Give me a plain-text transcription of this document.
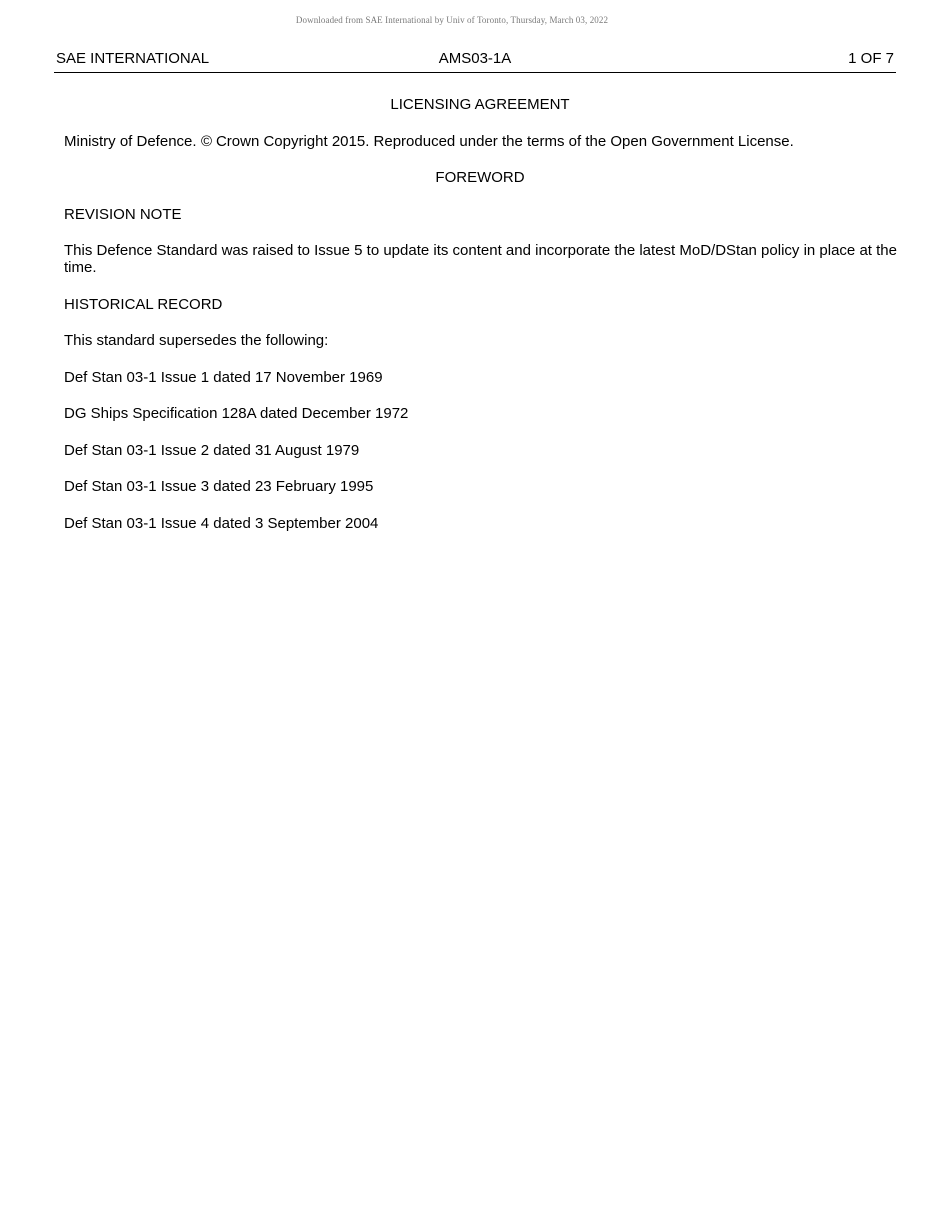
Downloaded from SAE International by Univ of Toronto, Thursday, March 03, 2022
SAE INTERNATIONAL	AMS03-1A	1 OF 7

LICENSING AGREEMENT

Ministry of Defence. © Crown Copyright 2015. Reproduced under the terms of the Open Government License.

FOREWORD

REVISION NOTE

This Defence Standard was raised to Issue 5 to update its content and incorporate the latest MoD/DStan policy in place at the time.

HISTORICAL RECORD

This standard supersedes the following:

Def Stan 03-1 Issue 1 dated 17 November 1969

DG Ships Specification 128A dated December 1972

Def Stan 03-1 Issue 2 dated 31 August 1979

Def Stan 03-1 Issue 3 dated 23 February 1995

Def Stan 03-1 Issue 4 dated 3 September 2004
